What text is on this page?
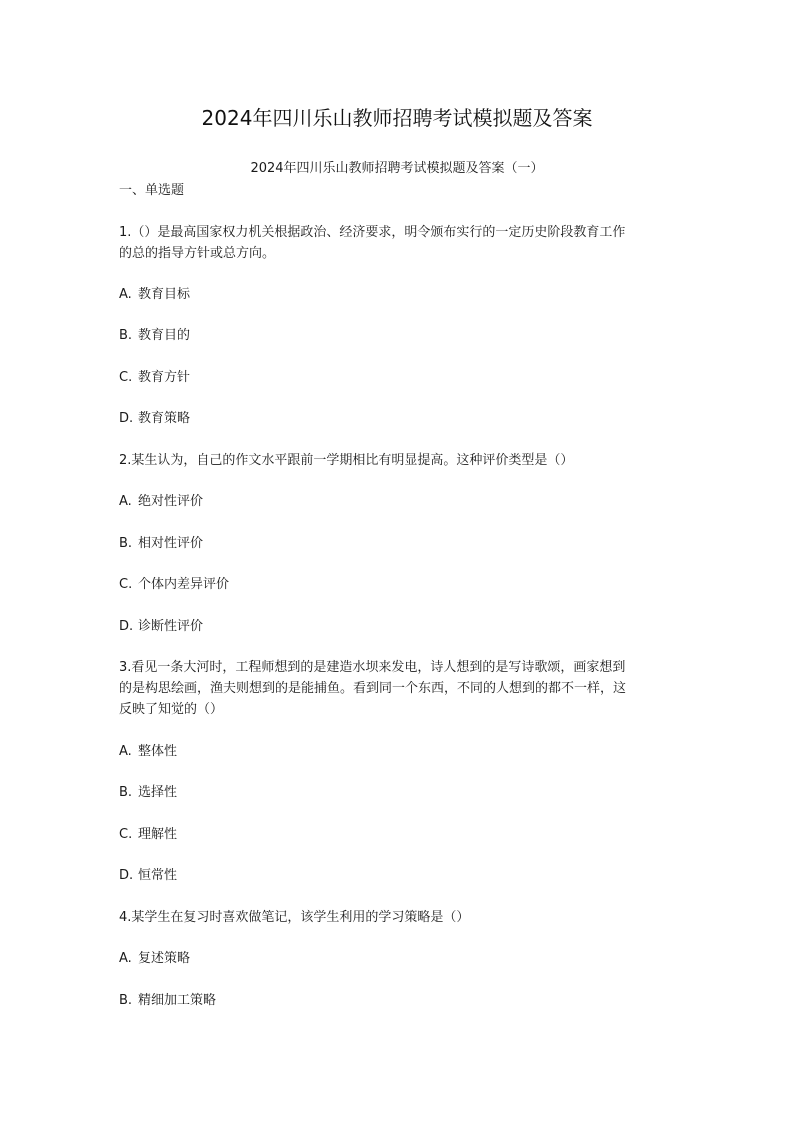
2024年四川乐山教师招聘考试模拟题及答案
2024年四川乐山教师招聘考试模拟题及答案（一）
一、单选题
1.（）是最高国家权力机关根据政治、经济要求，明令颁布实行的一定历史阶段教育工作
的总的指导方针或总方向。
A. 教育目标
B. 教育目的
C. 教育方针
D. 教育策略
2.某生认为，自己的作文水平跟前一学期相比有明显提高。这种评价类型是（）
A. 绝对性评价
B. 相对性评价
C. 个体内差异评价
D. 诊断性评价
3.看见一条大河时，工程师想到的是建造水坝来发电，诗人想到的是写诗歌颂，画家想到
的是构思绘画，渔夫则想到的是能捕鱼。看到同一个东西，不同的人想到的都不一样，这
反映了知觉的（）
A. 整体性
B. 选择性
C. 理解性
D. 恒常性
4.某学生在复习时喜欢做笔记，该学生利用的学习策略是（）
A. 复述策略
B. 精细加工策略
